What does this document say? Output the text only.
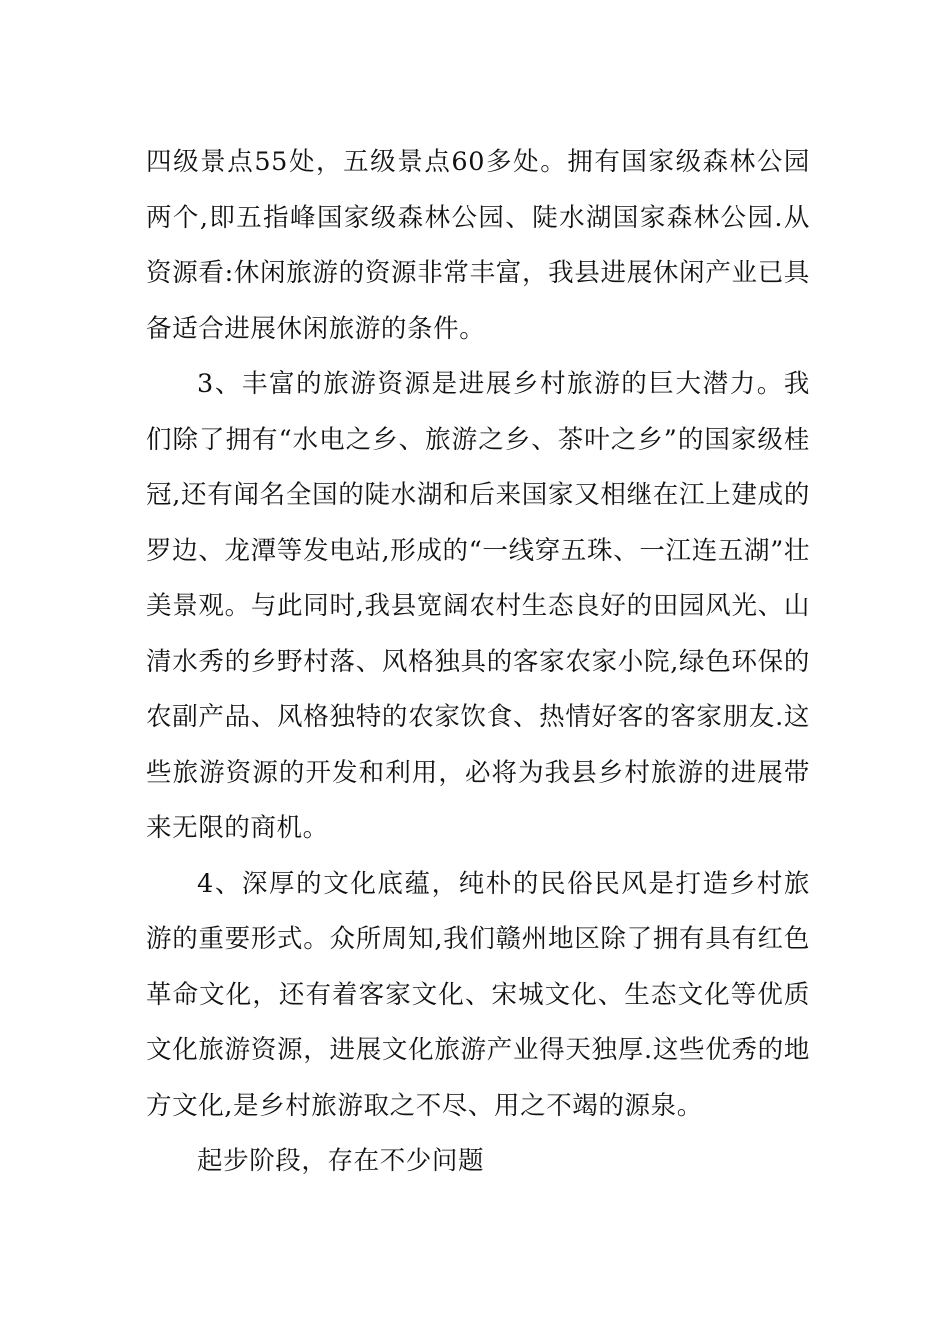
四级景点55处，五级景点60多处。拥有国家级森林公园两个,即五指峰国家级森林公园、陡水湖国家森林公园.从资源看:休闲旅游的资源非常丰富，我县进展休闲产业已具备适合进展休闲旅游的条件。

3、丰富的旅游资源是进展乡村旅游的巨大潜力。我们除了拥有“水电之乡、旅游之乡、茶叶之乡”的国家级桂冠,还有闻名全国的陡水湖和后来国家又相继在江上建成的罗边、龙潭等发电站,形成的“一线穿五珠、一江连五湖”壮美景观。与此同时,我县宽阔农村生态良好的田园风光、山清水秀的乡野村落、风格独具的客家农家小院,绿色环保的农副产品、风格独特的农家饮食、热情好客的客家朋友.这些旅游资源的开发和利用，必将为我县乡村旅游的进展带来无限的商机。

4、深厚的文化底蕴，纯朴的民俗民风是打造乡村旅游的重要形式。众所周知,我们赣州地区除了拥有具有红色革命文化，还有着客家文化、宋城文化、生态文化等优质文化旅游资源，进展文化旅游产业得天独厚.这些优秀的地方文化,是乡村旅游取之不尽、用之不竭的源泉。

起步阶段，存在不少问题
